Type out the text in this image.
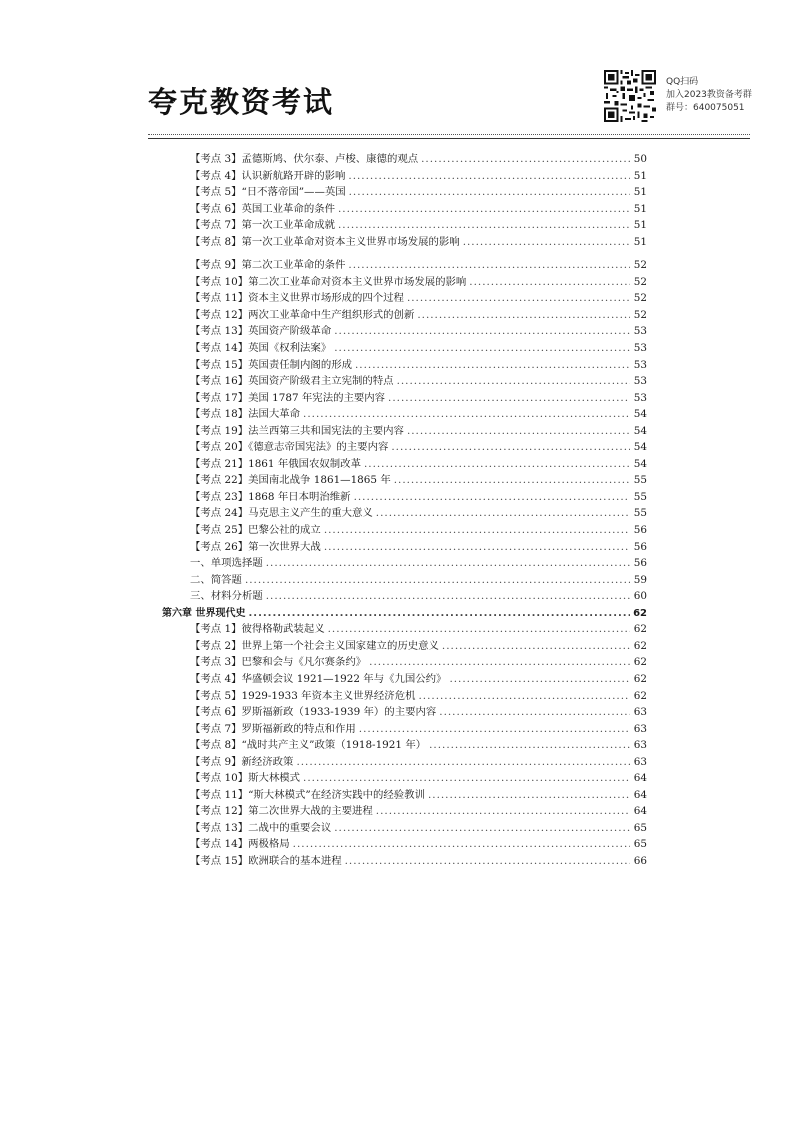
夸克教资考试
QQ扫码
加入2023教资备考群
群号：640075051
【考点 3】孟德斯鸠、伏尔泰、卢梭、康德的观点 .....	50
【考点 4】认识新航路开辟的影响 .....	51
【考点 5】“日不落帝国”——英国 .....	51
【考点 6】英国工业革命的条件 .....	51
【考点 7】第一次工业革命成就 .....	51
【考点 8】第一次工业革命对资本主义世界市场发展的影响 .....	51
【考点 9】第二次工业革命的条件 .....	52
【考点 10】第二次工业革命对资本主义世界市场发展的影响 .....	52
【考点 11】资本主义世界市场形成的四个过程 .....	52
【考点 12】两次工业革命中生产组织形式的创新 .....	52
【考点 13】英国资产阶级革命 .....	53
【考点 14】英国《权利法案》 .....	53
【考点 15】英国责任制内阁的形成 .....	53
【考点 16】英国资产阶级君主立宪制的特点 .....	53
【考点 17】美国 1787 年宪法的主要内容 .....	53
【考点 18】法国大革命 .....	54
【考点 19】法兰西第三共和国宪法的主要内容 .....	54
【考点 20】《德意志帝国宪法》的主要内容 .....	54
【考点 21】1861 年俄国农奴制改革 .....	54
【考点 22】美国南北战争 1861—1865 年 .....	55
【考点 23】1868 年日本明治维新 .....	55
【考点 24】马克思主义产生的重大意义 .....	55
【考点 25】巴黎公社的成立 .....	56
【考点 26】第一次世界大战 .....	56
一、单项选择题 .....	56
二、简答题 .....	59
三、材料分析题 .....	60
第六章 世界现代史 .....	62
【考点 1】彼得格勒武装起义 .....	62
【考点 2】世界上第一个社会主义国家建立的历史意义 .....	62
【考点 3】巴黎和会与《凡尔赛条约》 .....	62
【考点 4】华盛顿会议 1921—1922 年与《九国公约》 .....	62
【考点 5】1929-1933 年资本主义世界经济危机 .....	62
【考点 6】罗斯福新政（1933-1939 年）的主要内容 .....	63
【考点 7】罗斯福新政的特点和作用 .....	63
【考点 8】“战时共产主义”政策（1918-1921 年） .....	63
【考点 9】新经济政策 .....	63
【考点 10】斯大林模式 .....	64
【考点 11】“斯大林模式”在经济实践中的经验教训 .....	64
【考点 12】第二次世界大战的主要进程 .....	64
【考点 13】二战中的重要会议 .....	65
【考点 14】两极格局 .....	65
【考点 15】欧洲联合的基本进程 .....	66
